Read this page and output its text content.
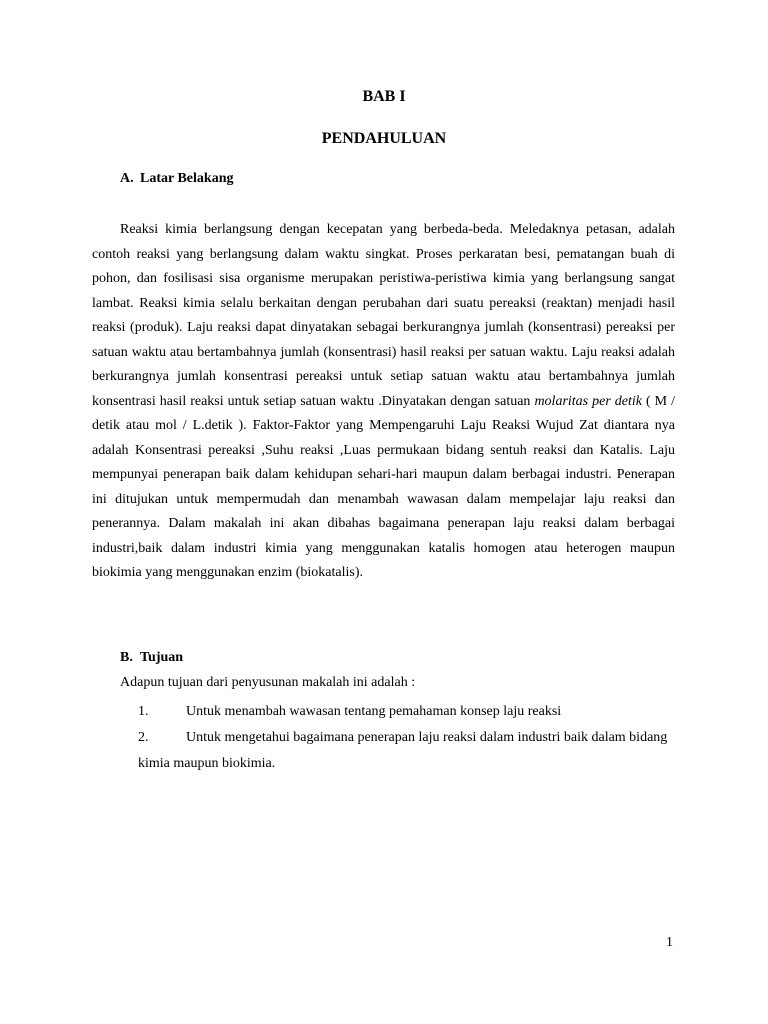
BAB I
PENDAHULUAN
A. Latar Belakang

Reaksi kimia berlangsung dengan kecepatan yang berbeda-beda. Meledaknya petasan, adalah contoh reaksi yang berlangsung dalam waktu singkat. Proses perkaratan besi, pematangan buah di pohon, dan fosilisasi sisa organisme merupakan peristiwa-peristiwa kimia yang berlangsung sangat lambat. Reaksi kimia selalu berkaitan dengan perubahan dari suatu pereaksi (reaktan) menjadi hasil reaksi (produk). Laju reaksi dapat dinyatakan sebagai berkurangnya jumlah (konsentrasi) pereaksi per satuan waktu atau bertambahnya jumlah (konsentrasi) hasil reaksi per satuan waktu. Laju reaksi adalah berkurangnya jumlah konsentrasi pereaksi untuk setiap satuan waktu atau bertambahnya jumlah konsentrasi hasil reaksi untuk setiap satuan waktu .Dinyatakan dengan satuan molaritas per detik ( M / detik atau mol / L.detik ). Faktor-Faktor yang Mempengaruhi Laju Reaksi Wujud Zat diantara nya adalah Konsentrasi pereaksi ,Suhu reaksi ,Luas permukaan bidang sentuh reaksi dan Katalis. Laju mempunyai penerapan baik dalam kehidupan sehari-hari maupun dalam berbagai industri. Penerapan ini ditujukan untuk mempermudah dan menambah wawasan dalam mempelajar laju reaksi dan penerannya. Dalam makalah ini akan dibahas bagaimana penerapan laju reaksi dalam berbagai industri,baik dalam industri kimia yang menggunakan katalis homogen atau heterogen maupun biokimia yang menggunakan enzim (biokatalis).

B. Tujuan

Adapun tujuan dari penyusunan makalah ini adalah :

1.	Untuk menambah wawasan tentang pemahaman konsep laju reaksi
2.	Untuk mengetahui bagaimana penerapan laju reaksi dalam industri baik dalam bidang kimia maupun biokimia.
1
